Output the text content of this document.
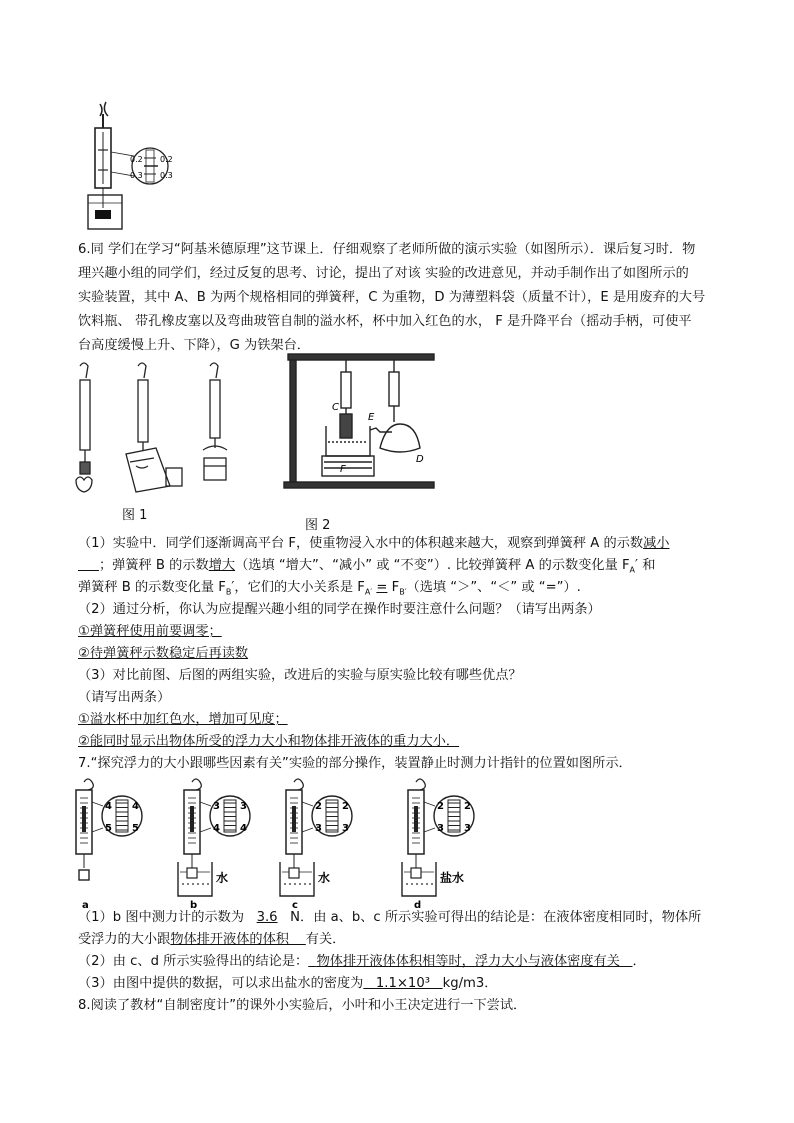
0.2
0.3
0.2
0.3
6.同 学们在学习“阿基米德原理”这节课上．仔细观察了老师所做的演示实验（如图所示）．课后复习时．物
理兴趣小组的同学们，经过反复的思考、讨论，提出了对该 实验的改进意见，并动手制作出了如图所示的
实验装置，其中 A、B 为两个规格相同的弹簧秤，C 为重物，D 为薄塑料袋（质量不计），E 是用废弃的大号
饮料瓶、 带孔橡皮塞以及弯曲玻管自制的溢水杯，杯中加入红色的水， F 是升降平台（摇动手柄，可使平
台高度缓慢上升、下降），G 为铁架台．
图 1
C
E
F
D
图 2
（1）实验中．同学们逐渐调高平台 F，使重物浸入水中的体积越来越大，观察到弹簧秤 A 的示数减小
；弹簧秤 B 的示数增大（选填 “增大”、“减小” 或 “不变”）. 比较弹簧秤 A 的示数变化量 $F_A'$ 和
弹簧秤 B 的示数变化量 $F_B'$，它们的大小关系是 $F_{A'} = F_{B'}$（选填 “＞”、“＜” 或 “=”）.
（2）通过分析，你认为应提醒兴趣小组的同学在操作时要注意什么问题？（请写出两条）
①弹簧秤使用前要调零；
②待弹簧秤示数稳定后再读数
（3）对比前图、后图的两组实验，改进后的实验与原实验比较有哪些优点？
（请写出两条）
①溢水杯中加红色水，增加可见度；
②能同时显示出物体所受的浮力大小和物体排开液体的重力大小．
7.“探究浮力的大小跟哪些因素有关”实验的部分操作，装置静止时测力计指针的位置如图所示．
4
5
4
5
a
3
4
3
4
水
b
2
3
2
3
水
c
2
3
2
3
盐水
d
（1）b 图中测力计的示数为 3.6 N．由 a、b、c 所示实验可得出的结论是：在液体密度相同时，物体所
受浮力的大小跟物体排开液体的体积 有关．
（2）由 c、d 所示实验得出的结论是： 物体排开液体体积相等时，浮力大小与液体密度有关 ．
（3）由图中提供的数据，可以求出盐水的密度为 1.1×10³ kg/m3．
8.阅读了教材“自制密度计”的课外小实验后，小叶和小王决定进行一下尝试．
